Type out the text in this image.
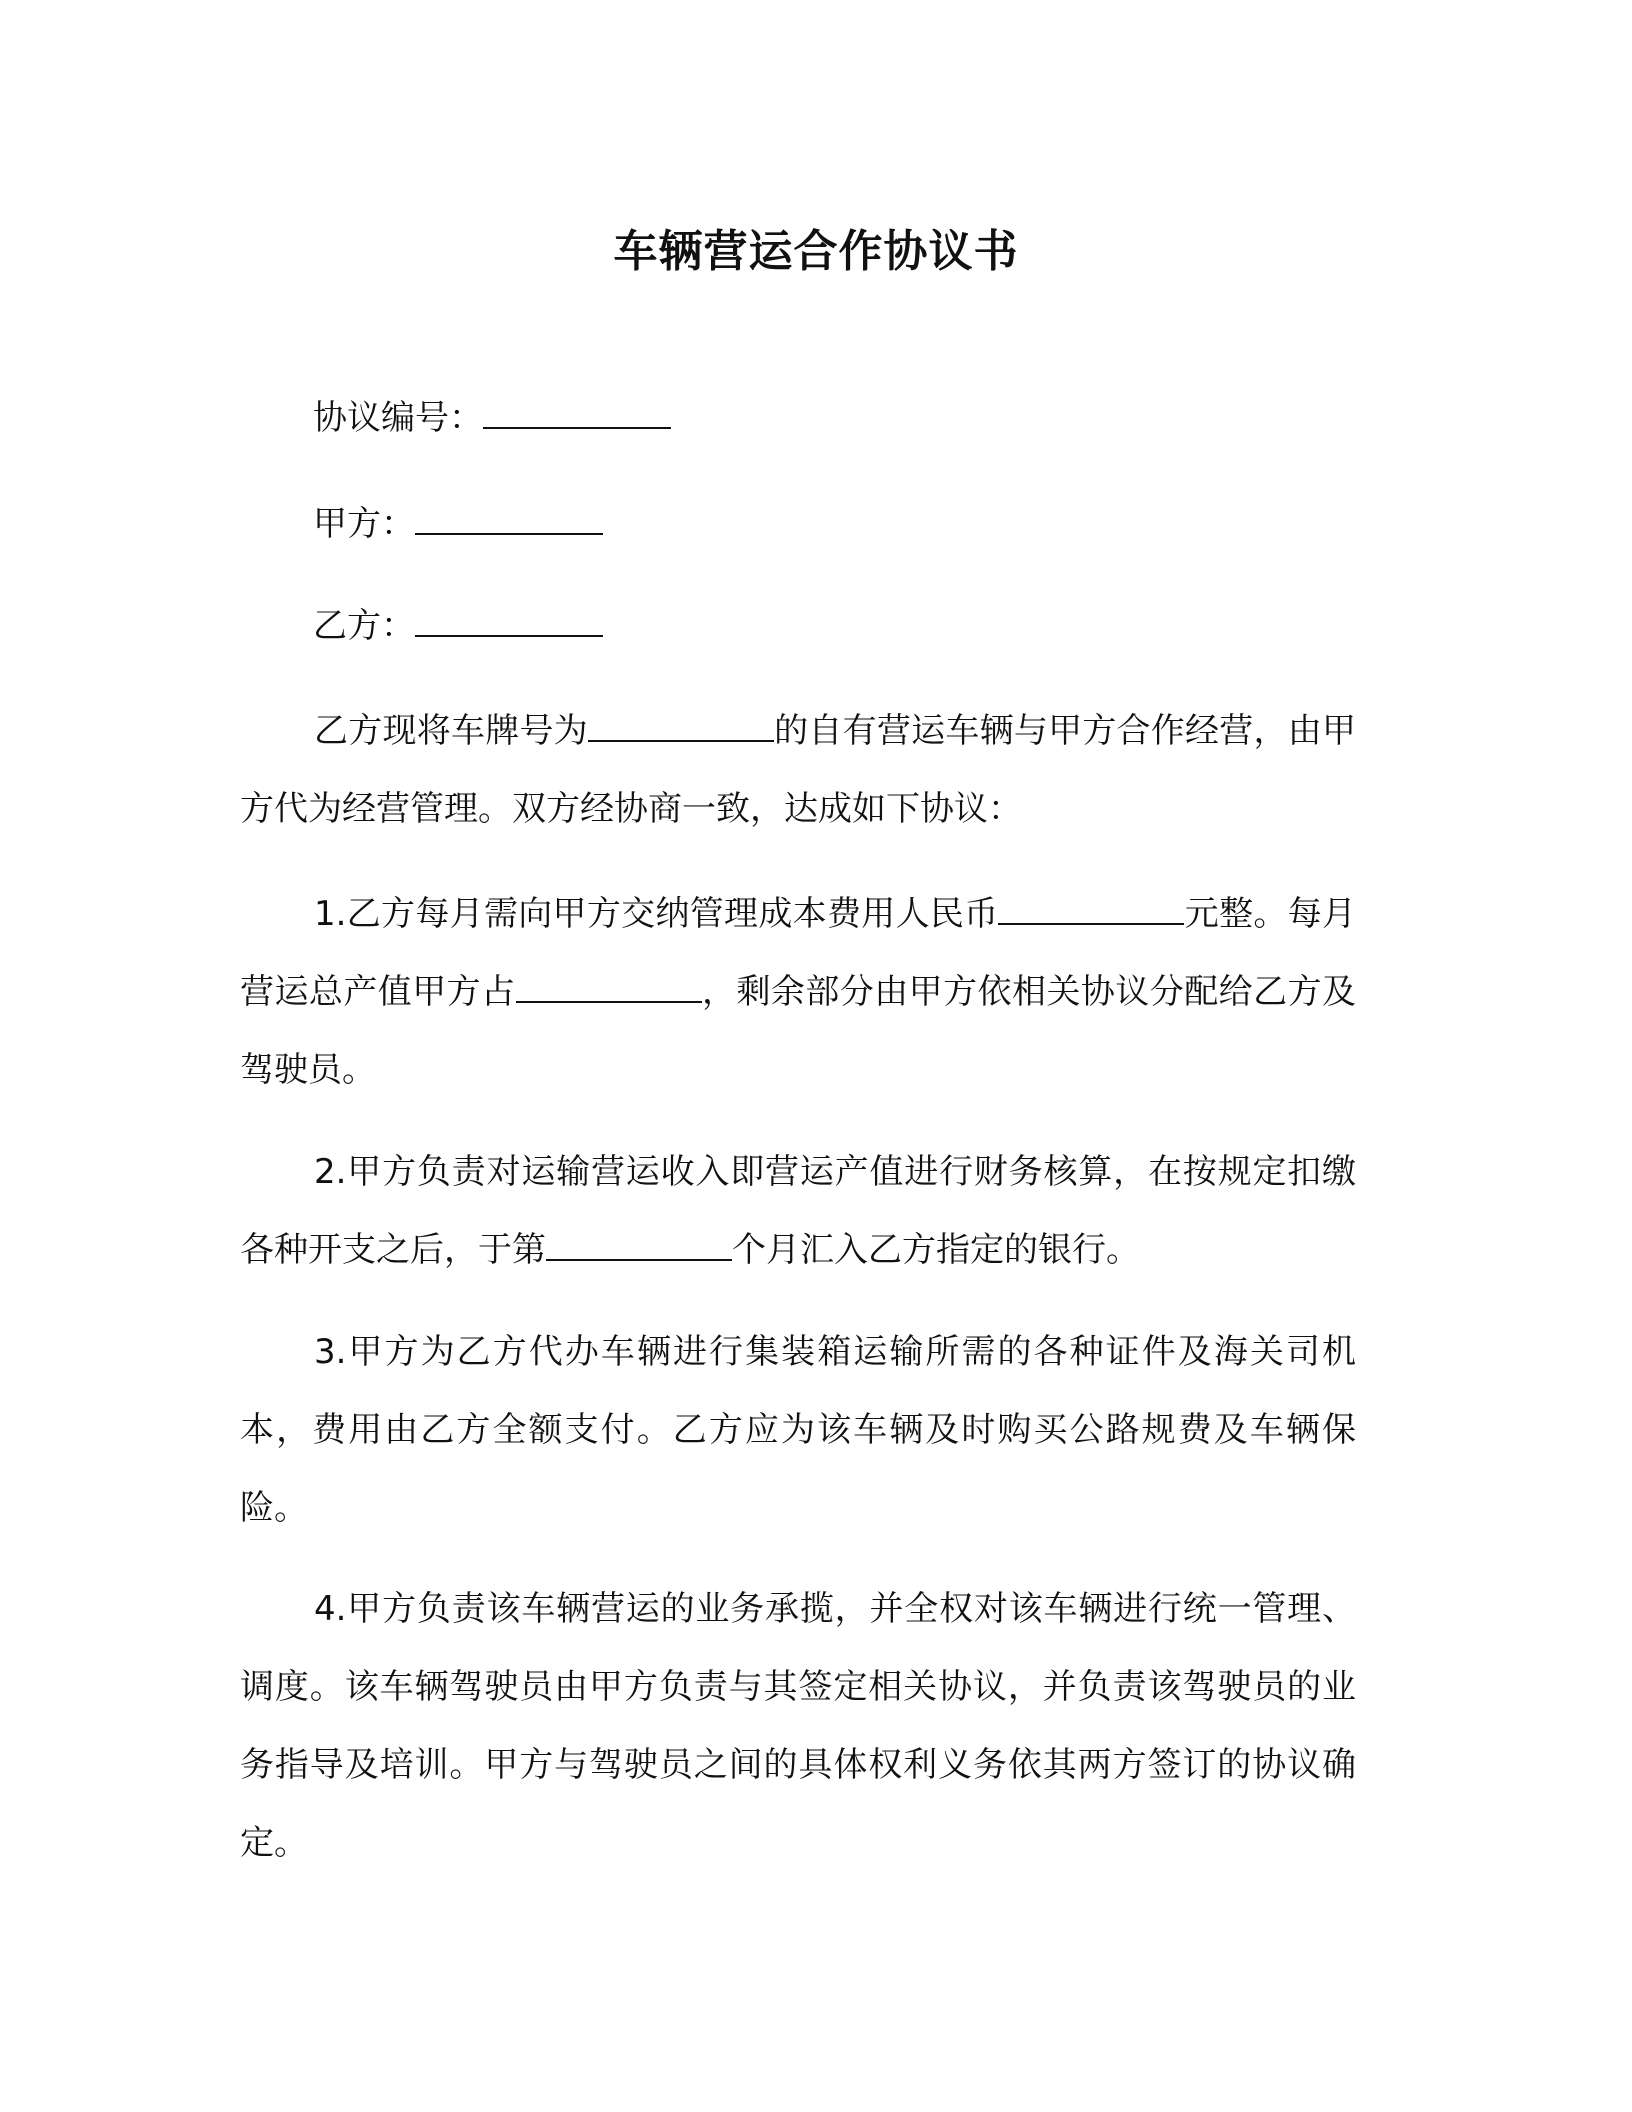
车辆营运合作协议书
协议编号：
甲方：
乙方：

乙方现将车牌号为	的自有营运车辆与甲方合作经营，由甲方代为经营管理。双方经协商一致，达成如下协议：

1.乙方每月需向甲方交纳管理成本费用人民币	元整。每月营运总产值甲方占	，剩余部分由甲方依相关协议分配给乙方及驾驶员。

2.甲方负责对运输营运收入即营运产值进行财务核算，在按规定扣缴各种开支之后，于第	个月汇入乙方指定的银行。

3.甲方为乙方代办车辆进行集装箱运输所需的各种证件及海关司机本，费用由乙方全额支付。乙方应为该车辆及时购买公路规费及车辆保险。

4.甲方负责该车辆营运的业务承揽，并全权对该车辆进行统一管理、调度。该车辆驾驶员由甲方负责与其签定相关协议，并负责该驾驶员的业务指导及培训。甲方与驾驶员之间的具体权利义务依其两方签订的协议确定。
